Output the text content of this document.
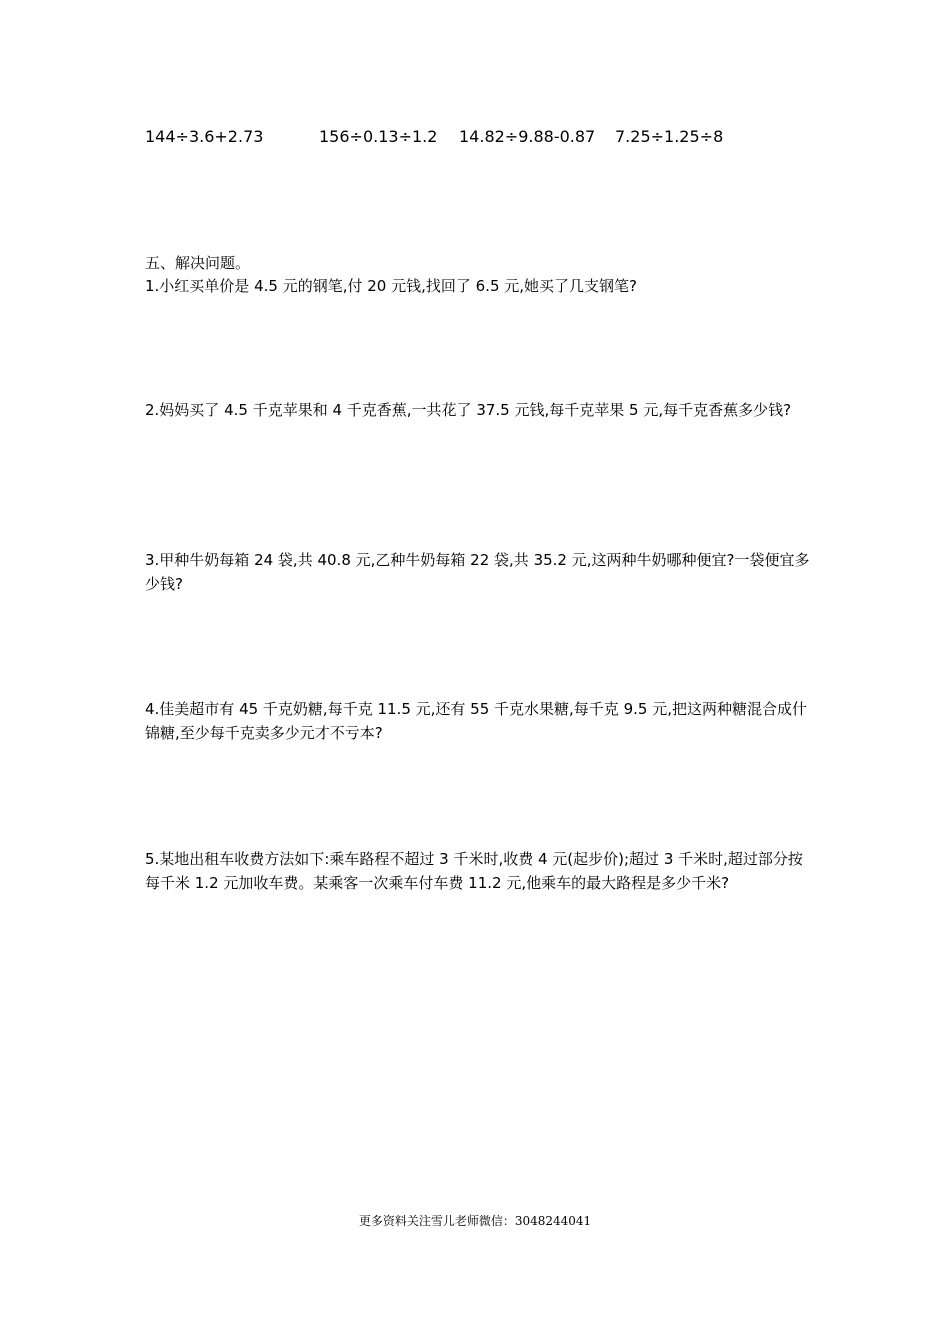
144÷3.6+2.73	156÷0.13÷1.2 14.82÷9.88-0.87 7.25÷1.25÷8
五、解决问题。

1.小红买单价是 4.5 元的钢笔,付 20 元钱,找回了 6.5 元,她买了几支钢笔?

2.妈妈买了 4.5 千克苹果和 4 千克香蕉,一共花了 37.5 元钱,每千克苹果 5 元,每千克香蕉多少钱?

3.甲种牛奶每箱 24 袋,共 40.8 元,乙种牛奶每箱 22 袋,共 35.2 元,这两种牛奶哪种便宜?一袋便宜多少钱?

4.佳美超市有 45 千克奶糖,每千克 11.5 元,还有 55 千克水果糖,每千克 9.5 元,把这两种糖混合成什锦糖,至少每千克卖多少元才不亏本?

5.某地出租车收费方法如下:乘车路程不超过 3 千米时,收费 4 元(起步价);超过 3 千米时,超过部分按每千米 1.2 元加收车费。某乘客一次乘车付车费 11.2 元,他乘车的最大路程是多少千米?

更多资料关注雪儿老师微信：3048244041
